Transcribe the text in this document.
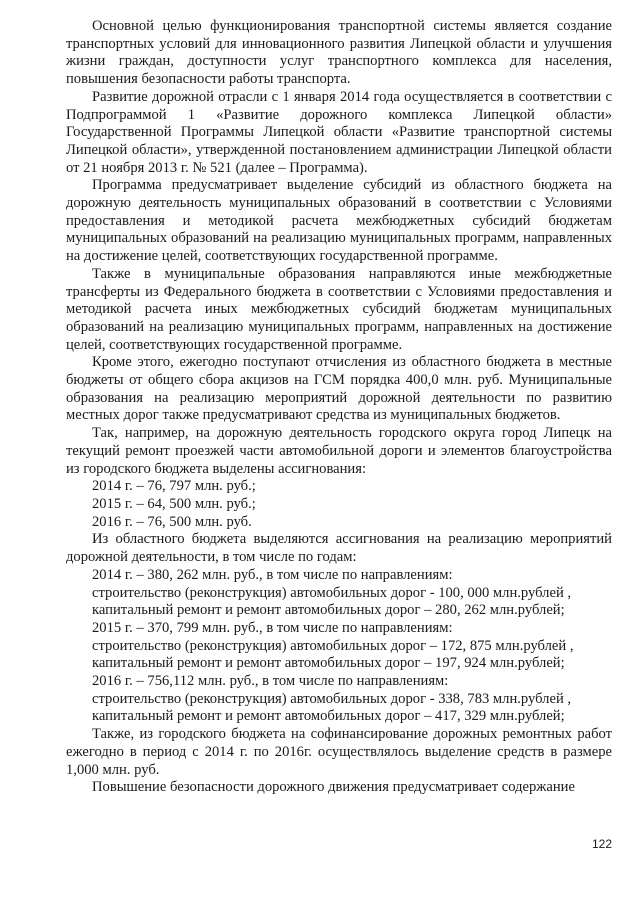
Основной целью функционирования транспортной системы является создание транспортных условий для инновационного развития Липецкой области и улучшения жизни граждан, доступности услуг транспортного комплекса для населения, повышения безопасности работы транспорта.

Развитие дорожной отрасли с 1 января 2014 года осуществляется в соответствии с Подпрограммой 1 «Развитие дорожного комплекса Липецкой области» Государственной Программы Липецкой области «Развитие транспортной системы Липецкой области», утвержденной постановлением администрации Липецкой области от 21 ноября 2013 г. № 521 (далее – Программа).

Программа предусматривает выделение субсидий из областного бюджета на дорожную деятельность муниципальных образований в соответствии с Условиями предоставления и методикой расчета межбюджетных субсидий бюджетам муниципальных образований на реализацию муниципальных программ, направленных на достижение целей, соответствующих государственной программе.

Также в муниципальные образования направляются иные межбюджетные трансферты из Федерального бюджета в соответствии с Условиями предоставления и методикой расчета иных межбюджетных субсидий бюджетам муниципальных образований на реализацию муниципальных программ, направленных на достижение целей, соответствующих государственной программе.

Кроме этого, ежегодно поступают отчисления из областного бюджета в местные бюджеты от общего сбора акцизов на ГСМ порядка 400,0 млн. руб. Муниципальные образования на реализацию мероприятий дорожной деятельности по развитию местных дорог также предусматривают средства из муниципальных бюджетов.

Так, например, на дорожную деятельность городского округа город Липецк на текущий ремонт проезжей части автомобильной дороги и элементов благоустройства из городского бюджета выделены ассигнования:

2014 г. – 76, 797 млн. руб.;

2015 г. – 64, 500 млн. руб.;

2016 г. – 76, 500 млн. руб.

Из областного бюджета выделяются ассигнования на реализацию мероприятий дорожной деятельности, в том числе по годам:

2014 г. – 380, 262 млн. руб., в том числе по направлениям:

строительство (реконструкция) автомобильных дорог - 100, 000 млн.рублей ,

капитальный ремонт и ремонт автомобильных дорог – 280, 262 млн.рублей;

2015 г. – 370, 799 млн. руб., в том числе по направлениям:

строительство (реконструкция) автомобильных дорог – 172, 875 млн.рублей ,

капитальный ремонт и ремонт автомобильных дорог – 197, 924 млн.рублей;

2016 г. – 756,112 млн. руб., в том числе по направлениям:

строительство (реконструкция) автомобильных дорог - 338, 783 млн.рублей ,

капитальный ремонт и ремонт автомобильных дорог – 417, 329 млн.рублей;

Также, из городского бюджета на софинансирование дорожных ремонтных работ ежегодно в период с 2014 г. по 2016г. осуществлялось выделение средств в размере 1,000 млн. руб.

Повышение безопасности дорожного движения предусматривает содержание

122
